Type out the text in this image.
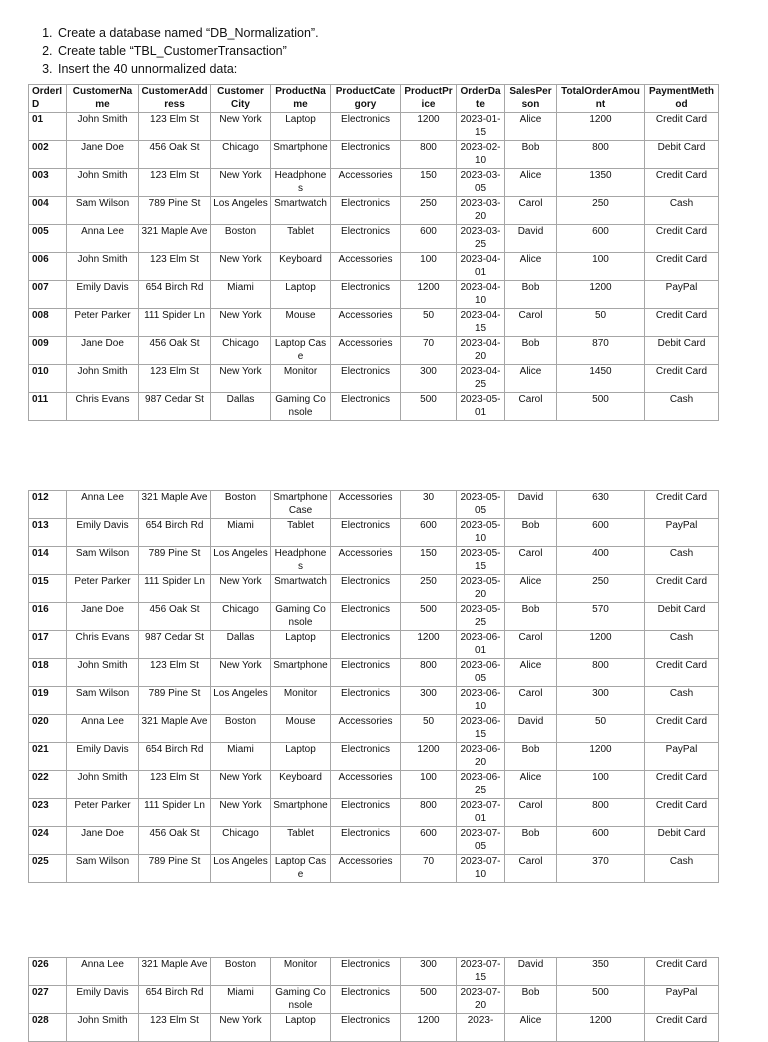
1. Create a database named “DB_Normalization”.
2. Create table “TBL_CustomerTransaction”
3. Insert the 40 unnormalized data:
OrderID	CustomerName	CustomerAddress	Customer City	ProductName	ProductCategory	ProductPrice	OrderDate	SalesPerson	TotalOrderAmount	PaymentMethod
01	John Smith	123 Elm St	New York	Laptop	Electronics	1200	2023-01-15	Alice	1200	Credit Card
002	Jane Doe	456 Oak St	Chicago	Smartphone	Electronics	800	2023-02-10	Bob	800	Debit Card
003	John Smith	123 Elm St	New York	Headphones	Accessories	150	2023-03-05	Alice	1350	Credit Card
004	Sam Wilson	789 Pine St	Los Angeles	Smartwatch	Electronics	250	2023-03-20	Carol	250	Cash
005	Anna Lee	321 Maple Ave	Boston	Tablet	Electronics	600	2023-03-25	David	600	Credit Card
006	John Smith	123 Elm St	New York	Keyboard	Accessories	100	2023-04-01	Alice	100	Credit Card
007	Emily Davis	654 Birch Rd	Miami	Laptop	Electronics	1200	2023-04-10	Bob	1200	PayPal
008	Peter Parker	111 Spider Ln	New York	Mouse	Accessories	50	2023-04-15	Carol	50	Credit Card
009	Jane Doe	456 Oak St	Chicago	Laptop Case	Accessories	70	2023-04-20	Bob	870	Debit Card
010	John Smith	123 Elm St	New York	Monitor	Electronics	300	2023-04-25	Alice	1450	Credit Card
011	Chris Evans	987 Cedar St	Dallas	Gaming Console	Electronics	500	2023-05-01	Carol	500	Cash
012	Anna Lee	321 Maple Ave	Boston	Smartphone Case	Accessories	30	2023-05-05	David	630	Credit Card
013	Emily Davis	654 Birch Rd	Miami	Tablet	Electronics	600	2023-05-10	Bob	600	PayPal
014	Sam Wilson	789 Pine St	Los Angeles	Headphones	Accessories	150	2023-05-15	Carol	400	Cash
015	Peter Parker	111 Spider Ln	New York	Smartwatch	Electronics	250	2023-05-20	Alice	250	Credit Card
016	Jane Doe	456 Oak St	Chicago	Gaming Console	Electronics	500	2023-05-25	Bob	570	Debit Card
017	Chris Evans	987 Cedar St	Dallas	Laptop	Electronics	1200	2023-06-01	Carol	1200	Cash
018	John Smith	123 Elm St	New York	Smartphone	Electronics	800	2023-06-05	Alice	800	Credit Card
019	Sam Wilson	789 Pine St	Los Angeles	Monitor	Electronics	300	2023-06-10	Carol	300	Cash
020	Anna Lee	321 Maple Ave	Boston	Mouse	Accessories	50	2023-06-15	David	50	Credit Card
021	Emily Davis	654 Birch Rd	Miami	Laptop	Electronics	1200	2023-06-20	Bob	1200	PayPal
022	John Smith	123 Elm St	New York	Keyboard	Accessories	100	2023-06-25	Alice	100	Credit Card
023	Peter Parker	111 Spider Ln	New York	Smartphone	Electronics	800	2023-07-01	Carol	800	Credit Card
024	Jane Doe	456 Oak St	Chicago	Tablet	Electronics	600	2023-07-05	Bob	600	Debit Card
025	Sam Wilson	789 Pine St	Los Angeles	Laptop Case	Accessories	70	2023-07-10	Carol	370	Cash
026	Anna Lee	321 Maple Ave	Boston	Monitor	Electronics	300	2023-07-15	David	350	Credit Card
027	Emily Davis	654 Birch Rd	Miami	Gaming Console	Electronics	500	2023-07-20	Bob	500	PayPal
028	John Smith	123 Elm St	New York	Laptop	Electronics	1200	2023-	Alice	1200	Credit Card
